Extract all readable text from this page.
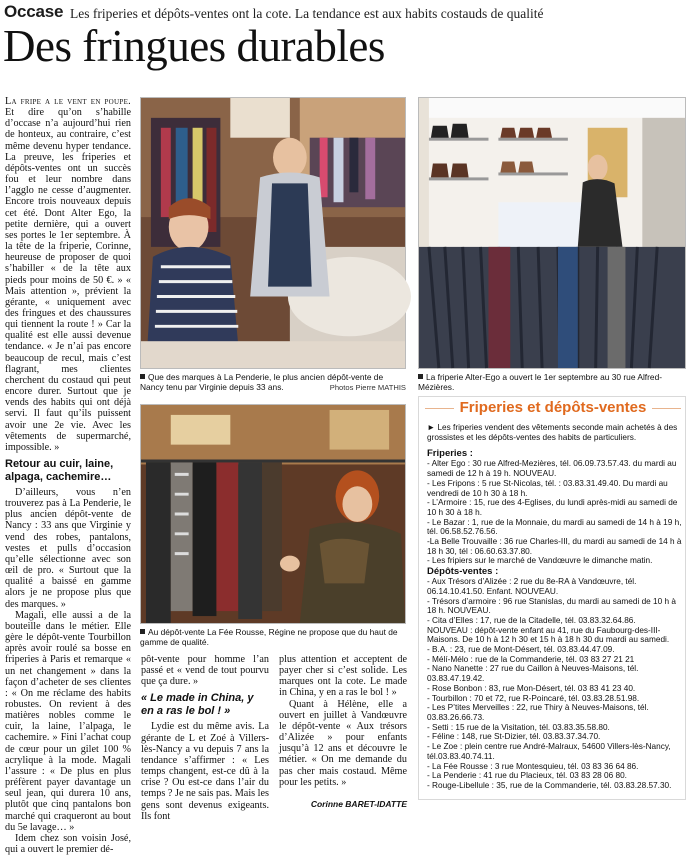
Occase Les friperies et dépôts-ventes ont la cote. La tendance est aux habits costauds de qualité
Des fringues durables

La fripe a le vent en poupe. Et dire qu’on s’habille d’occase n’a aujourd’hui rien de honteux, au contraire, c’est même devenu hyper tendance. La preuve, les friperies et dépôts-ventes ont un succès fou et leur nombre dans l’agglo ne cesse d’augmenter. Encore trois nouveaux depuis cet été. Dont Alter Ego, la petite dernière, qui a ouvert ses portes le 1er septembre. À la tête de la friperie, Corinne, heureuse de proposer de quoi s’habiller « de la tête aux pieds pour moins de 50 €. » « Mais attention », prévient la gérante, « uniquement avec des fringues et des chaussures qui tiennent la route ! » Car la qualité est elle aussi devenue tendance. « Je n’ai pas encore beaucoup de recul, mais c’est flagrant, mes clientes cherchent du costaud qui peut encore durer. Surtout que je vends des habits qui ont déjà servi. Il faut qu’ils puissent avoir une 2e vie. Avec les vêtements de supermarché, impossible. »

Retour au cuir, laine, alpaga, cachemire…

D’ailleurs, vous n’en trouverez pas à La Penderie, le plus ancien dépôt-vente de Nancy : 33 ans que Virginie y vend des robes, pantalons, vestes et pulls d’occasion qu’elle sélectionne avec son œil de pro. « Surtout que la qualité a baissé en gamme alors je ne propose plus que des marques. »

Magali, elle aussi a de la bouteille dans le métier. Elle gère le dépôt-vente Tourbillon après avoir roulé sa bosse en friperies à Paris et remarque « un net changement » dans la façon d’acheter de ses clientes : « On me réclame des habits robustes. On revient à des matières nobles comme le cuir, la laine, l’alpaga, le cachemire. » Fini l’achat coup de cœur pour un gilet 100 % acrylique à la mode. Magali l’assure : « De plus en plus préfèrent payer davantage un seul jean, qui durera 10 ans, plutôt que cinq pantalons bon marché qui craqueront au bout du 5e lavage… »

Idem chez son voisin José, qui a ouvert le premier dé-

Que des marques à La Penderie, le plus ancien dépôt-vente de Nancy tenu par Virginie depuis 33 ans.	Photos Pierre MATHIS
La friperie Alter-Ego a ouvert le 1er septembre au 30 rue Alfred-Mézières.
Au dépôt-vente La Fée Rousse, Régine ne propose que du haut de gamme de qualité.

pôt-vente pour homme l’an passé et « vend de tout pourvu que ça dure. »

« Le made in China, y en a ras le bol ! »

Lydie est du même avis. La gérante de L et Zoé à Villers-lès-Nancy a vu depuis 7 ans la tendance s’affirmer : « Les temps changent, est-ce dû à la crise ? Ou est-ce dans l’air du temps ? Je ne sais pas. Mais les gens sont devenus exigeants. Ils font

plus attention et acceptent de payer cher si c’est solide. Les marques ont la cote. Le made in China, y en a ras le bol ! »

Quant à Hélène, elle a ouvert en juillet à Vandœuvre le dépôt-vente « Aux trésors d’Alizée » pour enfants jusqu’à 12 ans et découvre le métier. « On me demande du pas cher mais costaud. Même pour les petits. »

Corinne BARET-IDATTE
Friperies et dépôts-ventes
► Les friperies vendent des vêtements seconde main achetés à des grossistes et les dépôts-ventes des habits de particuliers.
Friperies :

- Alter Ego : 30 rue Alfred-Mezières, tél. 06.09.73.57.43. du mardi au samedi de 12 h à 19 h. NOUVEAU.

- Les Fripons : 5 rue St-Nicolas, tél. : 03.83.31.49.40. Du mardi au vendredi de 10 h 30 à 18 h.

- L’Armoire : 15, rue des 4-Eglises, du lundi après-midi au samedi de 10 h 30 à 18 h.

- Le Bazar : 1, rue de la Monnaie, du mardi au samedi de 14 h à 19 h, tél. 06.58.52.76.56.

-La Belle Trouvaille : 36 rue Charles-III, du mardi au samedi de 14 h à 18 h 30, tél : 06.60.63.37.80.

- Les fripiers sur le marché de Vandœuvre le dimanche matin.

Dépôts-ventes :

- Aux Trésors d’Alizée : 2 rue du 8e-RA à Vandœuvre, tél. 06.14.10.41.50. Enfant. NOUVEAU.

- Trésors d’armoire : 96 rue Stanislas, du mardi au samedi de 10 h à 18 h. NOUVEAU.

- Cita d’Elles : 17, rue de la Citadelle, tél. 03.83.32.64.86.

NOUVEAU : dépôt-vente enfant au 41, rue du Faubourg-des-III-Maisons. De 10 h à 12 h 30 et 15 h à 18 h 30 du mardi au samedi.

- B.A. : 23, rue de Mont-Désert, tél. 03.83.44.47.09.

- Mélí-Mélo : rue de la Commanderie, tél. 03 83 27 21 21

- Nano Nanette : 27 rue du Caillon à Neuves-Maisons, tél. 03.83.47.19.42.

- Rose Bonbon : 83, rue Mon-Désert, tél. 03 83 41 23 40.

- Tourbillon : 70 et 72, rue R-Poincaré, tél. 03.83.28.51.98.

- Les P’tites Merveilles : 22, rue Thiry à Neuves-Maisons, tél. 03.83.26.66.73.

- Setti : 15 rue de la Visitation, tél. 03.83.35.58.80.

- Féline : 148, rue St-Dizier, tél. 03.83.37.34.70.

- Le Zoe : plein centre rue André-Malraux, 54600 Villers-lès-Nancy, tél.03.83.40.74.11.

- La Fée Rousse : 3 rue Montesquieu, tél. 03 83 36 64 86.

- La Penderie : 41 rue du Placieux, tél. 03 83 28 06 80.

- Rouge-Libellule : 35, rue de la Commanderie, tél. 03.83.28.57.30.
